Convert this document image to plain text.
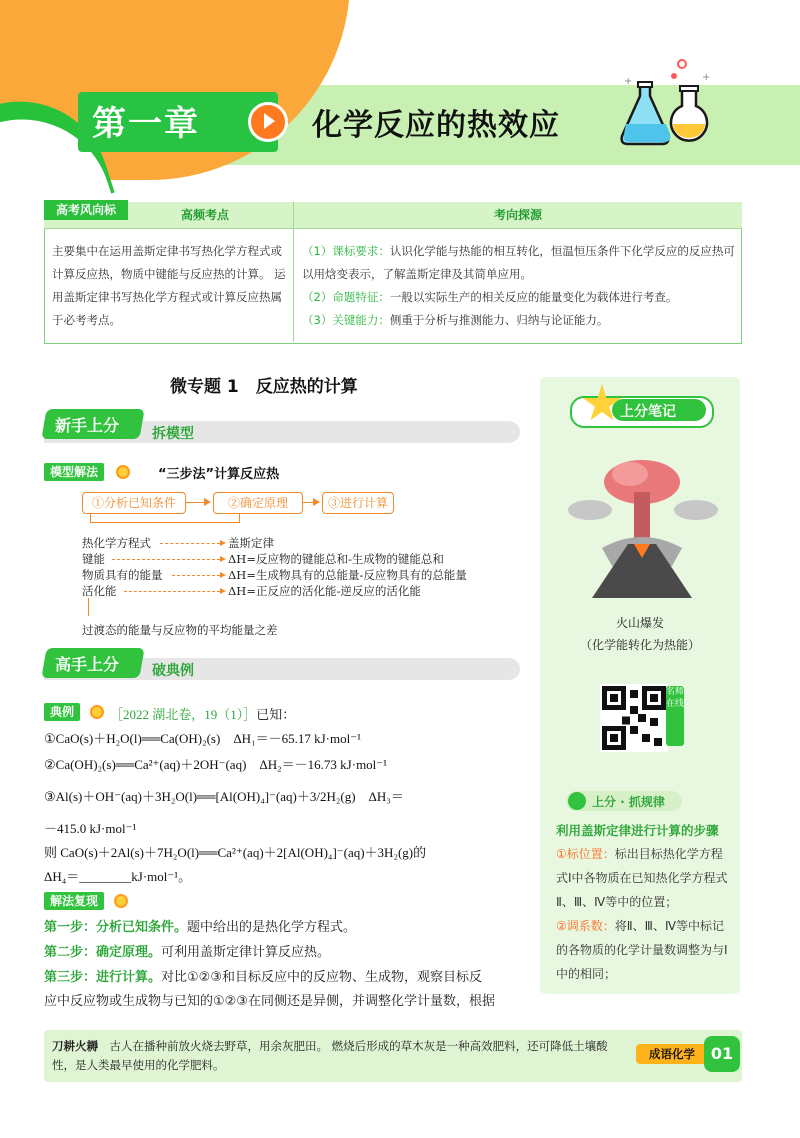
第一章	化学反应的热效应
+	+
高考风向标	高频考点	考向探源
主要集中在运用盖斯定律书写热化学方程式或计算反应热，物质中键能与反应热的计算。 运用盖斯定律书写热化学方程式或计算反应热属于必考考点。
（1）课标要求：认识化学能与热能的相互转化，恒温恒压条件下化学反应的反应热可以用焓变表示，了解盖斯定律及其简单应用。
（2）命题特征：一般以实际生产的相关反应的能量变化为载体进行考查。
（3）关键能力：侧重于分析与推测能力、归纳与论证能力。
微专题 1　反应热的计算
新手上分 拆模型
模型解法	“三步法”计算反应热
①分析已知条件	②确定原理	③进行计算
热化学方程式	盖斯定律
键能	ΔH=反应物的键能总和-生成物的键能总和
物质具有的能量	ΔH=生成物具有的总能量-反应物具有的总能量
活化能	ΔH=正反应的活化能-逆反应的活化能
过渡态的能量与反应物的平均能量之差
高手上分 破典例
典例	［2022 湖北卷，19（1）］已知：
①CaO(s)＋H₂O(l)══Ca(OH)₂(s)　ΔH₁＝－65.17 kJ·mol⁻¹
②Ca(OH)₂(s)══Ca²⁺(aq)＋2OH⁻(aq)　ΔH₂＝－16.73 kJ·mol⁻¹
③Al(s)＋OH⁻(aq)＋3H₂O(l)══[Al(OH)₄]⁻(aq)＋3/2H₂(g)　ΔH₃＝
－415.0 kJ·mol⁻¹
则 CaO(s)＋2Al(s)＋7H₂O(l)══Ca²⁺(aq)＋2[Al(OH)₄]⁻(aq)＋3H₂(g)的
ΔH₄＝________kJ·mol⁻¹。
解法复现
第一步：分析已知条件。题中给出的是热化学方程式。
第二步：确定原理。可利用盖斯定律计算反应热。
第三步：进行计算。对比①②③和目标反应中的反应物、生成物，观察目标反
应中反应物或生成物与已知的①②③在同侧还是异侧，并调整化学计量数，根据
上分笔记
火山爆发
（化学能转化为热能）
名师在线
上分 · 抓规律
利用盖斯定律进行计算的步骤
①标位置：标出目标热化学方程式Ⅰ中各物质在已知热化学方程式Ⅱ、Ⅲ、Ⅳ等中的位置；
②调系数：将Ⅱ、Ⅲ、Ⅳ等中标记的各物质的化学计量数调整为与Ⅰ中的相同；
刀耕火耨　 古人在播种前放火烧去野草，用余灰肥田。 燃烧后形成的草木灰是一种高效肥料，还可降低土壤酸性，是人类最早使用的化学肥料。
成语化学 01
